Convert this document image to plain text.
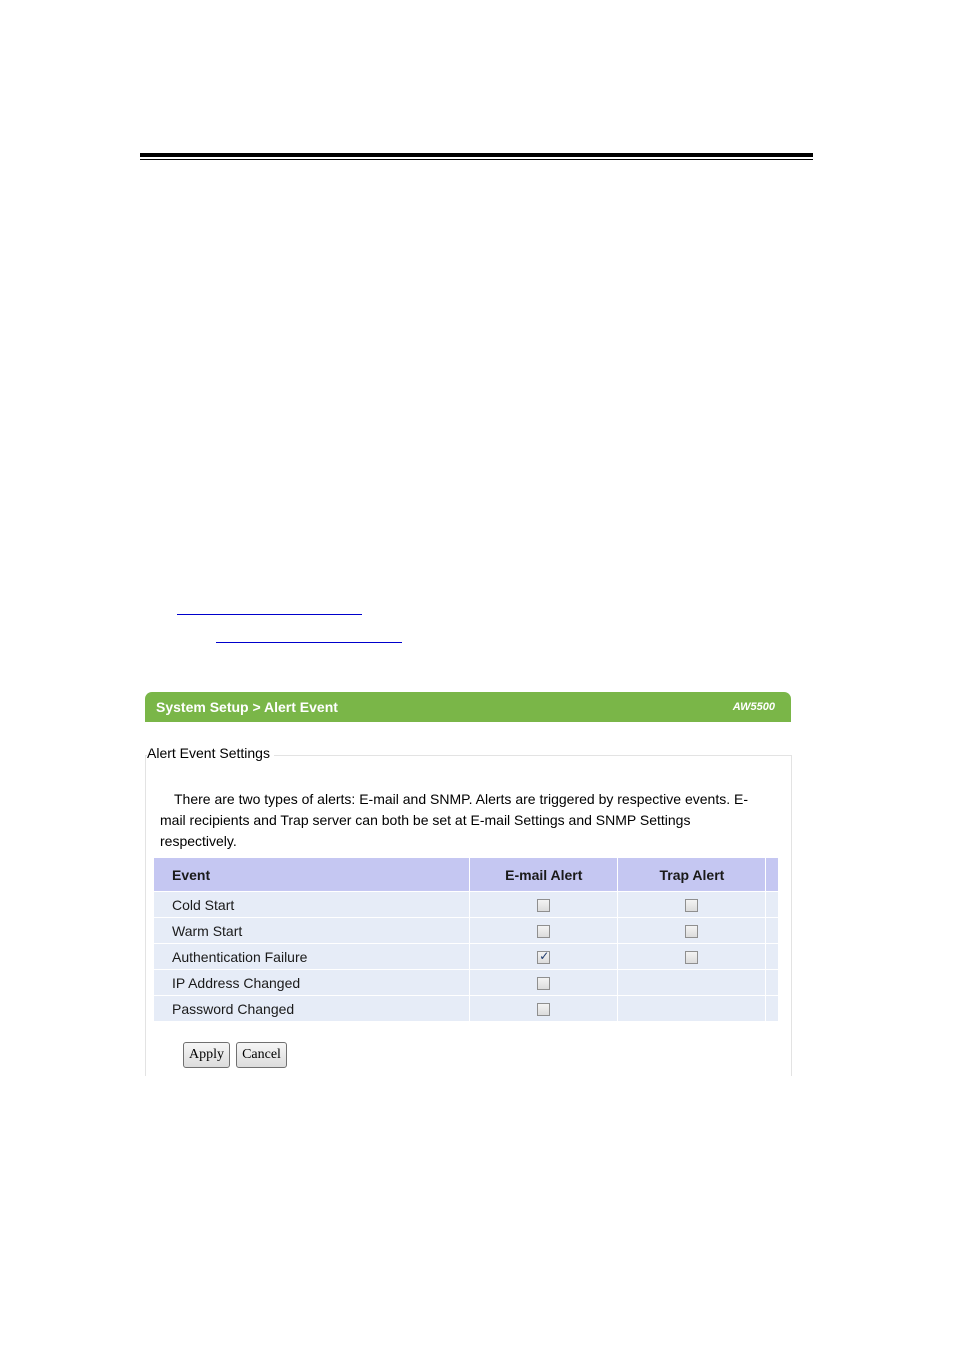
System Setup > Alert Event	AW5500
Alert Event Settings
There are two types of alerts: E-mail and SNMP. Alerts are triggered by respective events. E-mail recipients and Trap server can both be set at E-mail Settings and SNMP Settings respectively.
Event	E-mail Alert	Trap Alert	
Cold Start			
Warm Start			
Authentication Failure	✓		
IP Address Changed			
Password Changed			
Apply	Cancel
